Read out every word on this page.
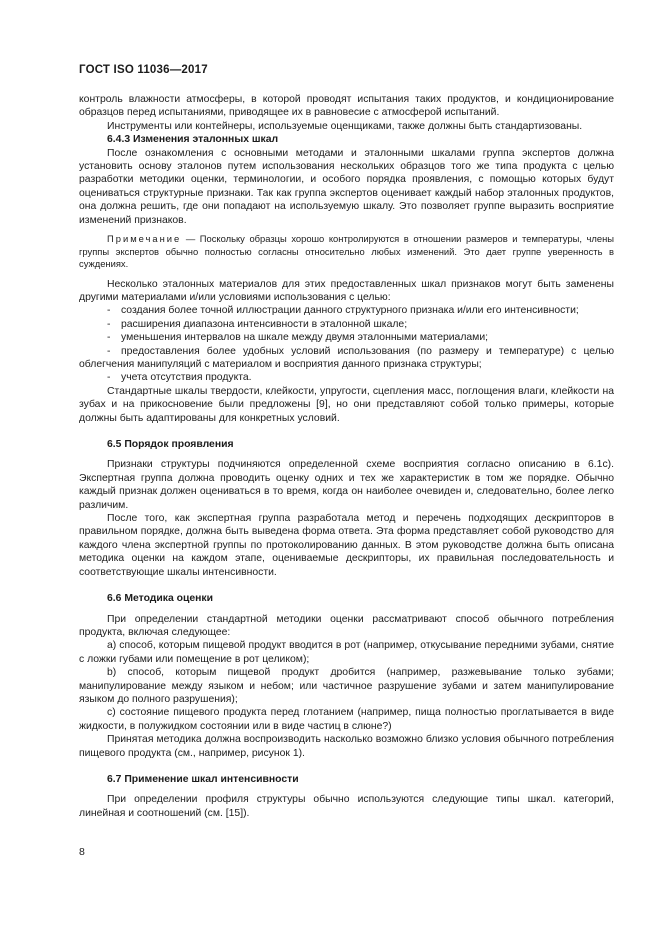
ГОСТ ISO 11036—2017

контроль влажности атмосферы, в которой проводят испытания таких продуктов, и кондиционирование образцов перед испытаниями, приводящее их в равновесие с атмосферой испытаний.

Инструменты или контейнеры, используемые оценщиками, также должны быть стандартизованы.

6.4.3 Изменения эталонных шкал

После ознакомления с основными методами и эталонными шкалами группа экспертов должна установить основу эталонов путем использования нескольких образцов того же типа продукта с целью разработки методики оценки, терминологии, и особого порядка проявления, с помощью которых будут оцениваться структурные признаки. Так как группа экспертов оценивает каждый набор эталонных продуктов, она должна решить, где они попадают на используемую шкалу. Это позволяет группе выразить восприятие изменений признаков.

Примечание — Поскольку образцы хорошо контролируются в отношении размеров и температуры, члены группы экспертов обычно полностью согласны относительно любых изменений. Это дает группе уверенность в суждениях.

Несколько эталонных материалов для этих предоставленных шкал признаков могут быть заменены другими материалами и/или условиями использования с целью:

- создания более точной иллюстрации данного структурного признака и/или его интенсивности;

- расширения диапазона интенсивности в эталонной шкале;

- уменьшения интервалов на шкале между двумя эталонными материалами;

- предоставления более удобных условий использования (по размеру и температуре) с целью облегчения манипуляций с материалом и восприятия данного признака структуры;

- учета отсутствия продукта.

Стандартные шкалы твердости, клейкости, упругости, сцепления масс, поглощения влаги, клейкости на зубах и на прикосновение были предложены [9], но они представляют собой только примеры, которые должны быть адаптированы для конкретных условий.

6.5 Порядок проявления

Признаки структуры подчиняются определенной схеме восприятия согласно описанию в 6.1с). Экспертная группа должна проводить оценку одних и тех же характеристик в том же порядке. Обычно каждый признак должен оцениваться в то время, когда он наиболее очевиден и, следовательно, более легко различим.

После того, как экспертная группа разработала метод и перечень подходящих дескрипторов в правильном порядке, должна быть выведена форма ответа. Эта форма представляет собой руководство для каждого члена экспертной группы по протоколированию данных. В этом руководстве должна быть описана методика оценки на каждом этапе, оцениваемые дескрипторы, их правильная последовательность и соответствующие шкалы интенсивности.

6.6 Методика оценки

При определении стандартной методики оценки рассматривают способ обычного потребления продукта, включая следующее:

а) способ, которым пищевой продукт вводится в рот (например, откусывание передними зубами, снятие с ложки губами или помещение в рот целиком);

b) способ, которым пищевой продукт дробится (например, разжевывание только зубами; манипулирование между языком и небом; или частичное разрушение зубами и затем манипулирование языком до полного разрушения);

с) состояние пищевого продукта перед глотанием (например, пища полностью проглатывается в виде жидкости, в полужидком состоянии или в виде частиц в слюне?)

Принятая методика должна воспроизводить насколько возможно близко условия обычного потребления пищевого продукта (см., например, рисунок 1).

6.7 Применение шкал интенсивности

При определении профиля структуры обычно используются следующие типы шкал. категорий, линейная и соотношений (см. [15]).

8
